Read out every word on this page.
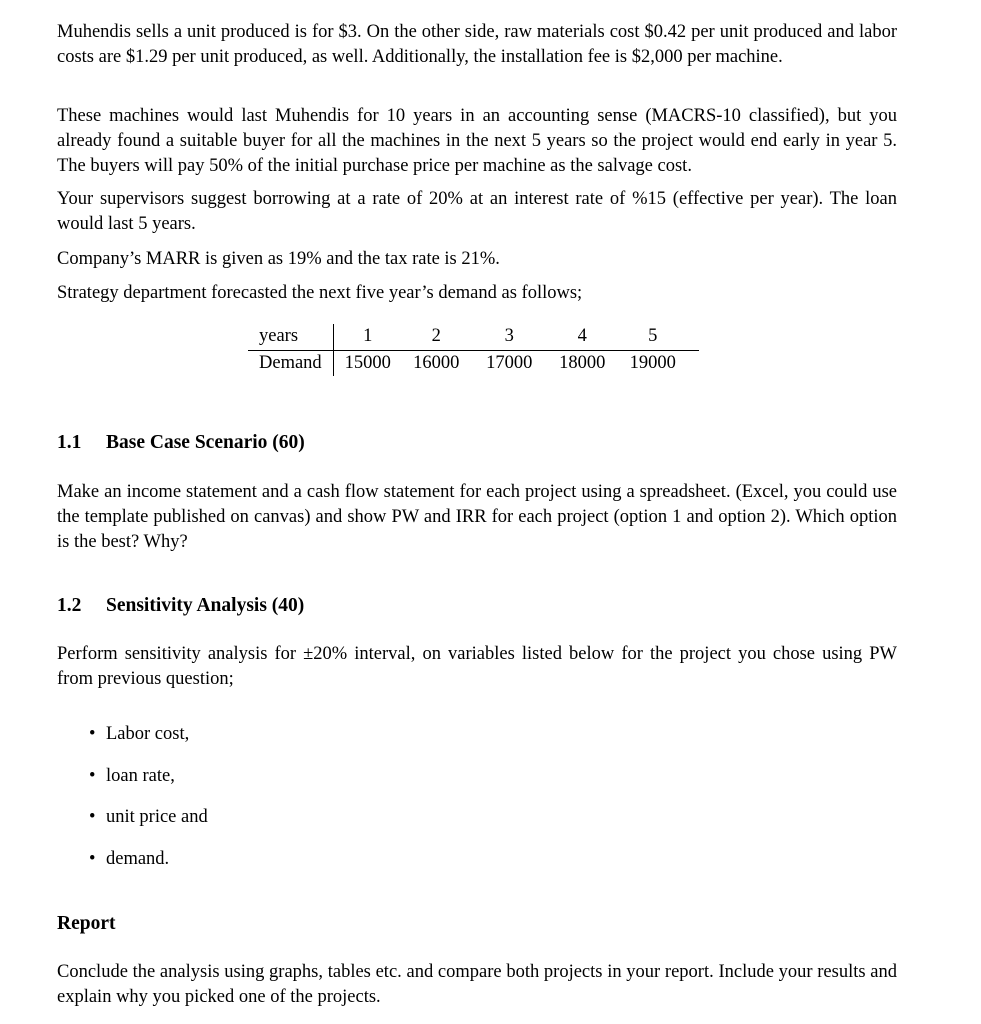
Muhendis sells a unit produced is for $3. On the other side, raw materials cost $0.42 per unit produced and labor costs are $1.29 per unit produced, as well. Additionally, the installation fee is $2,000 per machine.

These machines would last Muhendis for 10 years in an accounting sense (MACRS-10 classified), but you already found a suitable buyer for all the machines in the next 5 years so the project would end early in year 5. The buyers will pay 50% of the initial purchase price per machine as the salvage cost.

Your supervisors suggest borrowing at a rate of 20% at an interest rate of %15 (effective per year). The loan would last 5 years.

Company’s MARR is given as 19% and the tax rate is 21%.

Strategy department forecasted the next five year’s demand as follows;

years	1	2	3	4	5
Demand	15000	16000	17000	18000	19000
1.1 Base Case Scenario (60)

Make an income statement and a cash flow statement for each project using a spreadsheet. (Excel, you could use the template published on canvas) and show PW and IRR for each project (option 1 and option 2). Which option is the best? Why?

1.2 Sensitivity Analysis (40)

Perform sensitivity analysis for ±20% interval, on variables listed below for the project you chose using PW from previous question;

• Labor cost,
• loan rate,
• unit price and
• demand.
Report

Conclude the analysis using graphs, tables etc. and compare both projects in your report. Include your results and explain why you picked one of the projects.
